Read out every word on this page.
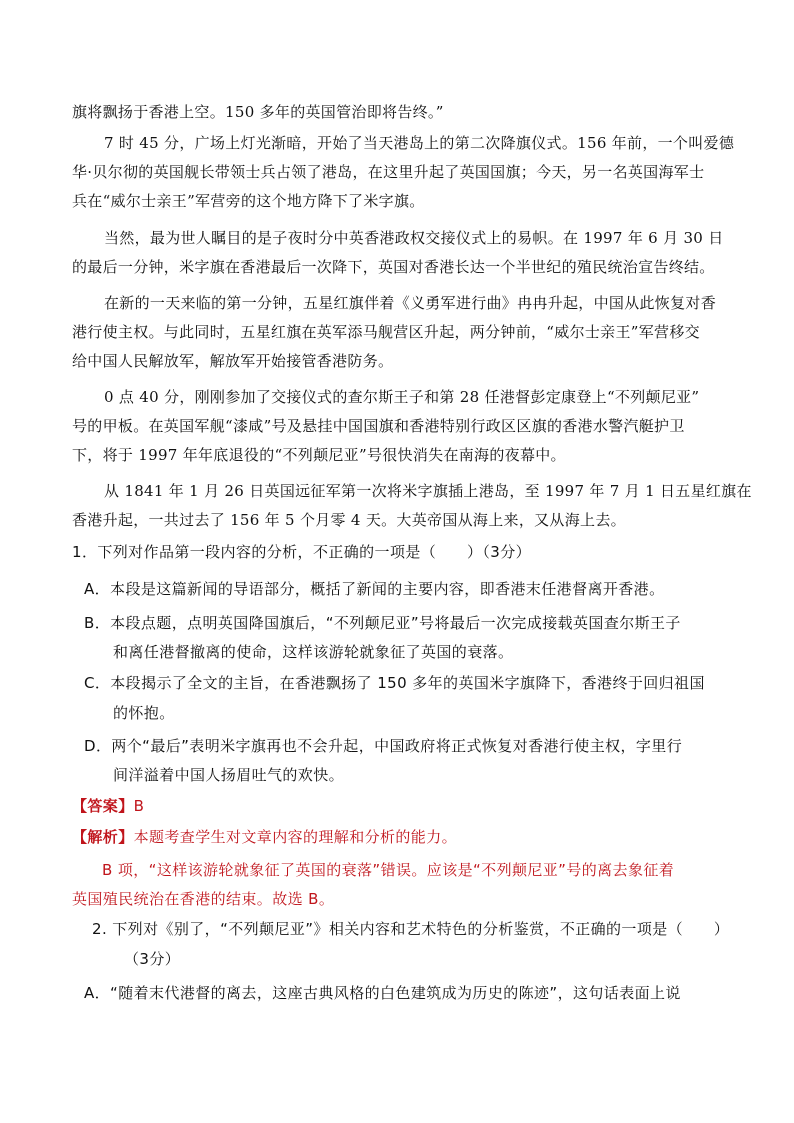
旗将飘扬于香港上空。150 多年的英国管治即将告终。”
7 时 45 分，广场上灯光渐暗，开始了当天港岛上的第二次降旗仪式。156 年前，一个叫爱德
华·贝尔彻的英国舰长带领士兵占领了港岛，在这里升起了英国国旗；今天，另一名英国海军士
兵在“威尔士亲王”军营旁的这个地方降下了米字旗。
当然，最为世人瞩目的是子夜时分中英香港政权交接仪式上的易帜。在 1997 年 6 月 30 日
的最后一分钟，米字旗在香港最后一次降下，英国对香港长达一个半世纪的殖民统治宣告终结。
在新的一天来临的第一分钟，五星红旗伴着《义勇军进行曲》冉冉升起，中国从此恢复对香
港行使主权。与此同时，五星红旗在英军添马舰营区升起，两分钟前，“威尔士亲王”军营移交
给中国人民解放军，解放军开始接管香港防务。
0 点 40 分，刚刚参加了交接仪式的查尔斯王子和第 28 任港督彭定康登上“不列颠尼亚”
号的甲板。在英国军舰“漆咸”号及悬挂中国国旗和香港特别行政区区旗的香港水警汽艇护卫
下，将于 1997 年年底退役的“不列颠尼亚”号很快消失在南海的夜幕中。
从 1841 年 1 月 26 日英国远征军第一次将米字旗插上港岛，至 1997 年 7 月 1 日五星红旗在
香港升起，一共过去了 156 年 5 个月零 4 天。大英帝国从海上来，又从海上去。
1．下列对作品第一段内容的分析，不正确的一项是（　　）（3分）
A．本段是这篇新闻的导语部分，概括了新闻的主要内容，即香港末任港督离开香港。
B．本段点题，点明英国降国旗后，“不列颠尼亚”号将最后一次完成接载英国查尔斯王子
和离任港督撤离的使命，这样该游轮就象征了英国的衰落。
C．本段揭示了全文的主旨，在香港飘扬了 150 多年的英国米字旗降下，香港终于回归祖国
的怀抱。
D．两个“最后”表明米字旗再也不会升起，中国政府将正式恢复对香港行使主权，字里行
间洋溢着中国人扬眉吐气的欢快。
【答案】B
【解析】本题考查学生对文章内容的理解和分析的能力。
B 项，“这样该游轮就象征了英国的衰落”错误。应该是“不列颠尼亚”号的离去象征着
英国殖民统治在香港的结束。故选 B。
2. 下列对《别了，“不列颠尼亚”》相关内容和艺术特色的分析鉴赏，不正确的一项是（　　）
（3分）
A．“随着末代港督的离去，这座古典风格的白色建筑成为历史的陈迹”，这句话表面上说
